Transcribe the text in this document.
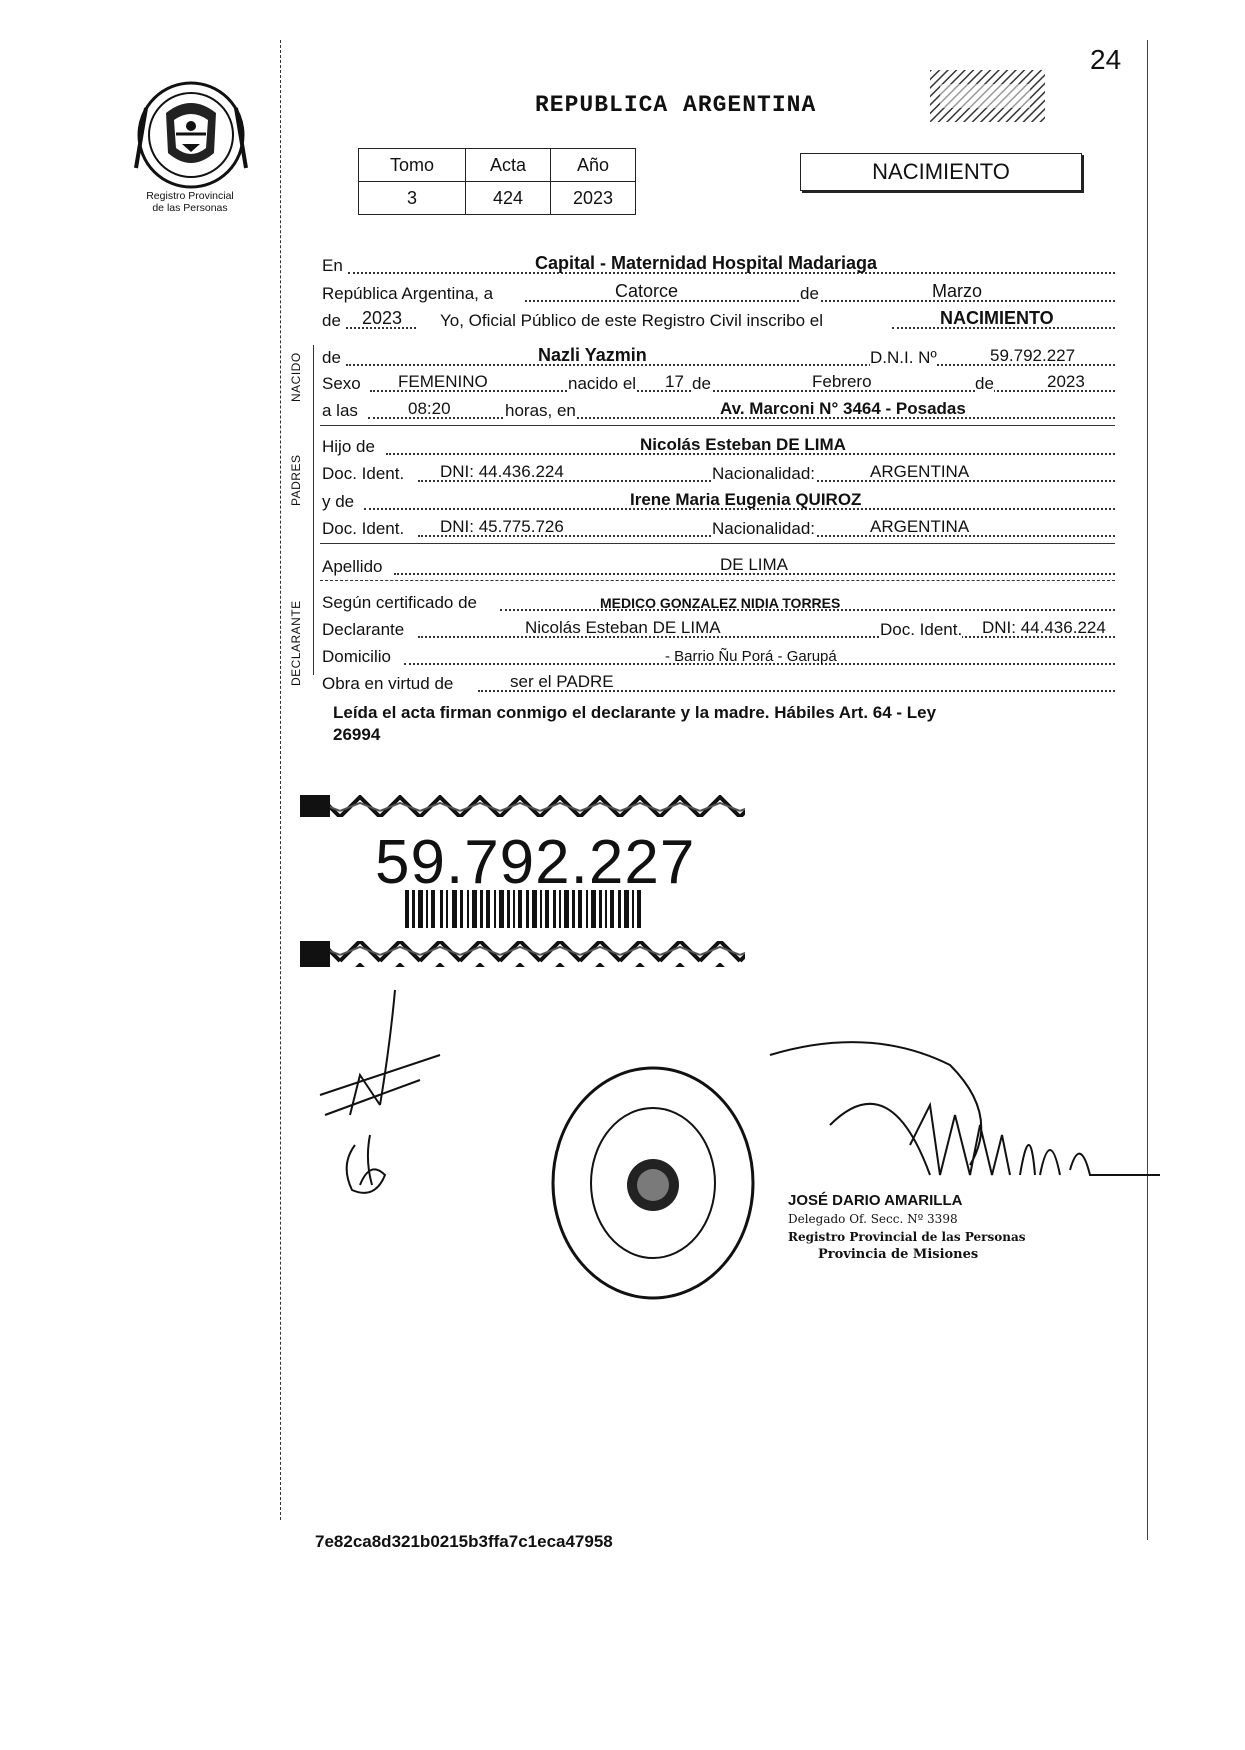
24
Registro Provincial
de las Personas
REPUBLICA ARGENTINA
Tomo	Acta	Año
3	424	2023
NACIMIENTO
En	Capital - Maternidad Hospital Madariaga
República Argentina, a	Catorce	de	Marzo
de 2023 Yo, Oficial Público de este Registro Civil inscribo el	NACIMIENTO
de	Nazli Yazmin	D.N.I. Nº	59.792.227
Sexo FEMENINO	nacido el 17 de	Febrero	de	2023
a las	08:20	horas, en	Av. Marconi N° 3464 - Posadas
Hijo de	Nicolás Esteban DE LIMA
Doc. Ident. DNI: 44.436.224	Nacionalidad:	ARGENTINA
y de	Irene Maria Eugenia QUIROZ
Doc. Ident. DNI: 45.775.726	Nacionalidad:	ARGENTINA
Apellido	DE LIMA
Según certificado de	MEDICO GONZALEZ NIDIA TORRES
Declarante	Nicolás Esteban DE LIMA	Doc. Ident. DNI: 44.436.224
Domicilio	- Barrio Ñu Porá - Garupá
Obra en virtud de	ser el PADRE
NACIDO
PADRES
DECLARANTE
Leída el acta firman conmigo el declarante y la madre. Hábiles Art. 64 - Ley
26994
59.792.227
JOSÉ DARIO AMARILLA
Delegado Of. Secc. Nº 3398
Registro Provincial de las Personas
Provincia de Misiones
7e82ca8d321b0215b3ffa7c1eca47958
